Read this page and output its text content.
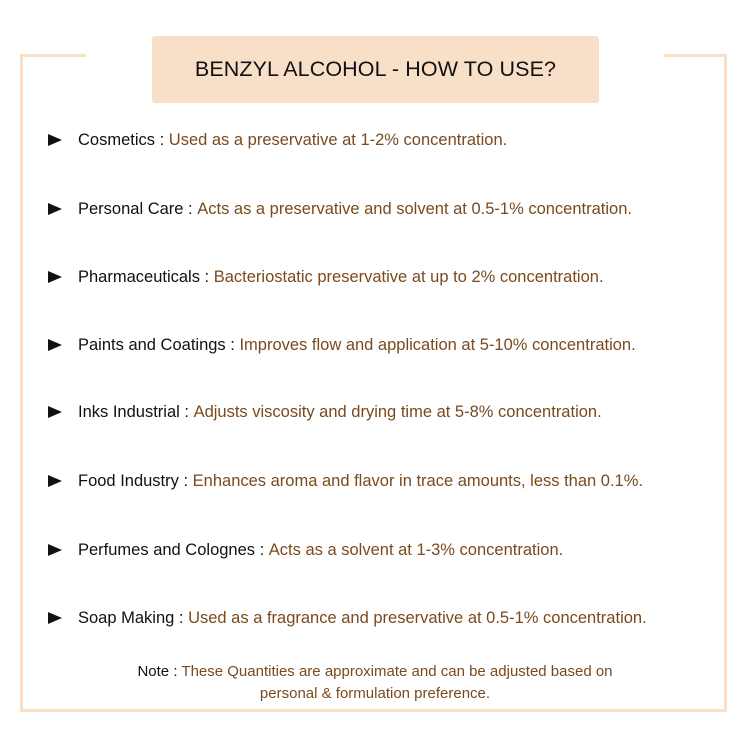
BENZYL ALCOHOL - HOW TO USE?
Cosmetics :
Used as a preservative at 1-2% concentration.
Personal Care :
Acts as a preservative and solvent at 0.5-1% concentration.
Pharmaceuticals :
Bacteriostatic preservative at up to 2% concentration.
Paints and Coatings :
Improves flow and application at 5-10% concentration.
Inks Industrial :
Adjusts viscosity and drying time at 5-8% concentration.
Food Industry :
Enhances aroma and flavor in trace amounts, less than 0.1%.
Perfumes and Colognes :
Acts as a solvent at 1-3% concentration.
Soap Making :
Used as a fragrance and preservative at 0.5-1% concentration.
Note : These Quantities are approximate and can be adjusted based on
personal & formulation preference.
